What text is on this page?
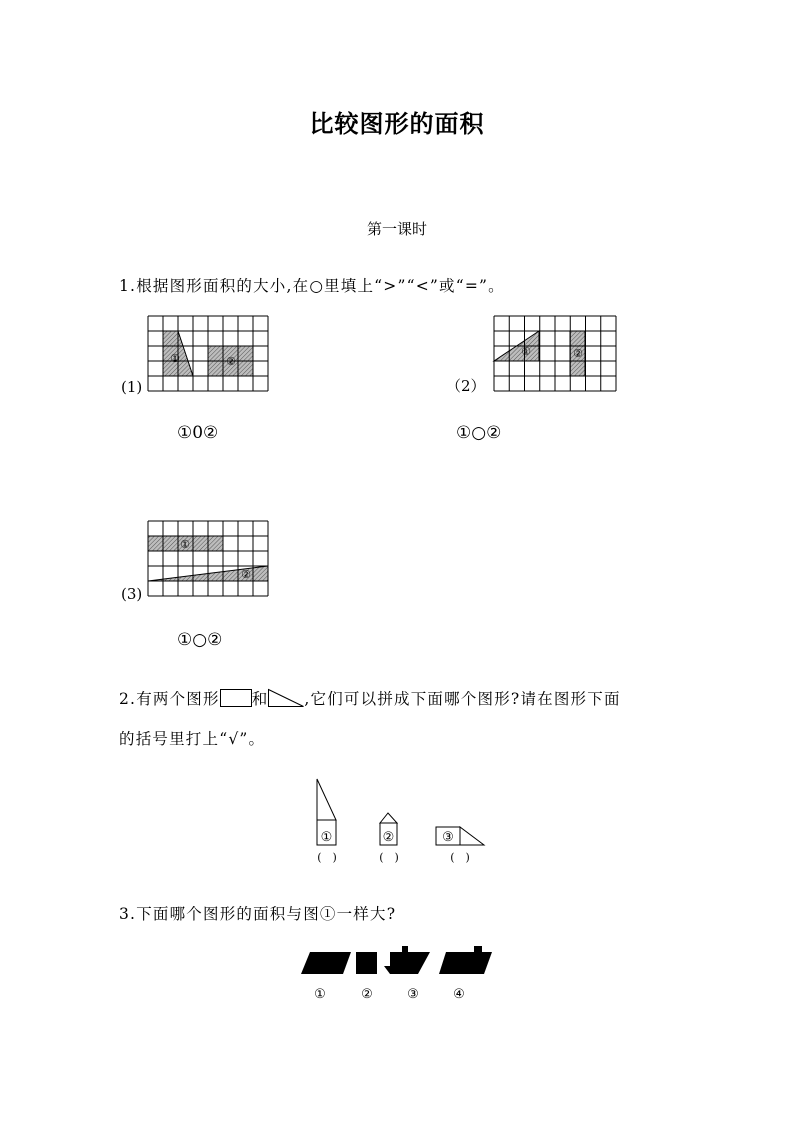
比较图形的面积
第一课时
1.根据图形面积的大小,在○里填上“>”“<”或“=”。
(1)
①	②
①0②
（2）
①	②
①○②
(3)
①
②
①○②
2.有两个图形 和 ,它们可以拼成下面哪个图形?请在图形下面
的括号里打上“√”。
①	②	③
(　)	(　)	(　)
3.下面哪个图形的面积与图①一样大?
①	②	③	④
